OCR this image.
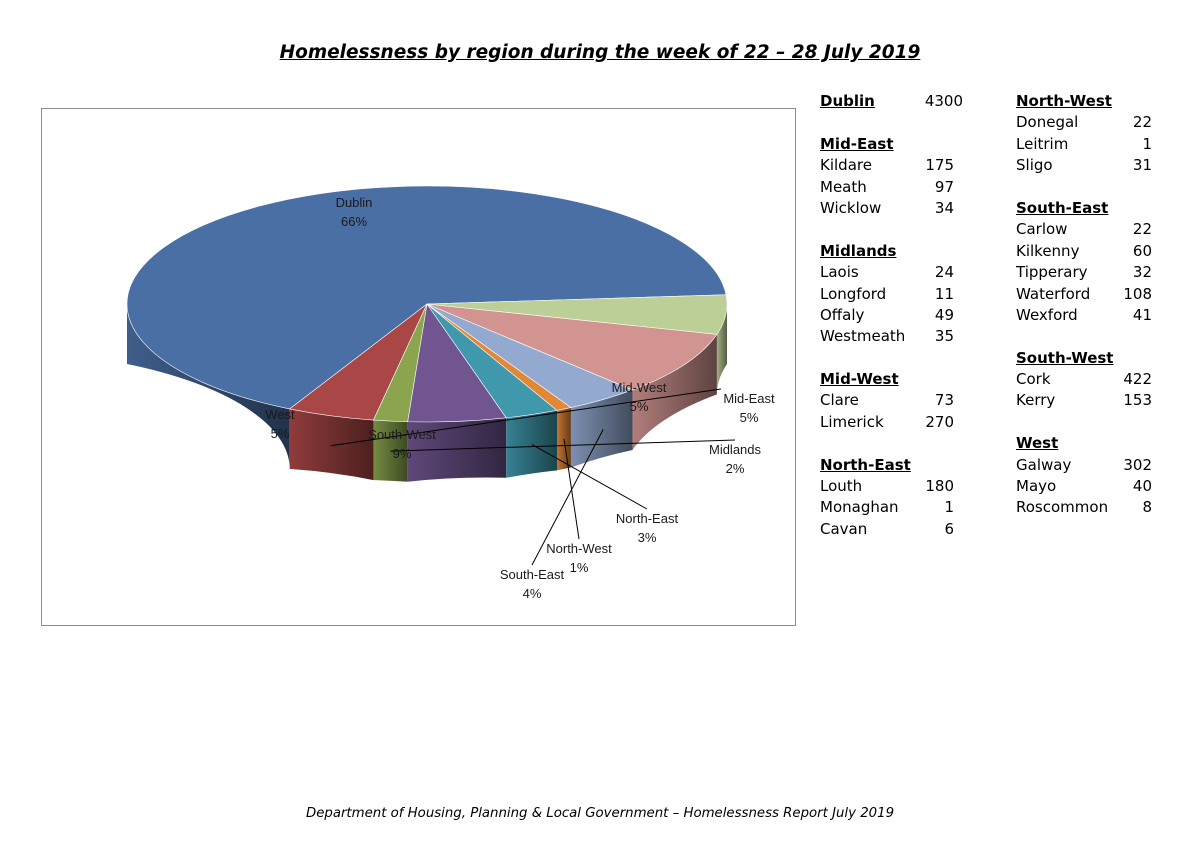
Homelessness by region during the week of 22 – 28 July 2019
Dublin
66%
Mid-East
5%
Midlands
2%
Mid-West
5%
North-East
3%
North-West
1%
South-East
4%
South-West
9%
West
5%
Dublin	4300
Mid-East
Kildare	175
Meath	97
Wicklow	34
Midlands
Laois	24
Longford	11
Offaly	49
Westmeath	35
Mid-West
Clare	73
Limerick	270
North-East
Louth	180
Monaghan	1
Cavan	6
North-West
Donegal	22
Leitrim	1
Sligo	31
South-East
Carlow	22
Kilkenny	60
Tipperary	32
Waterford	108
Wexford	41
South-West
Cork	422
Kerry	153
West
Galway	302
Mayo	40
Roscommon	8
Department of Housing, Planning & Local Government – Homelessness Report July 2019
